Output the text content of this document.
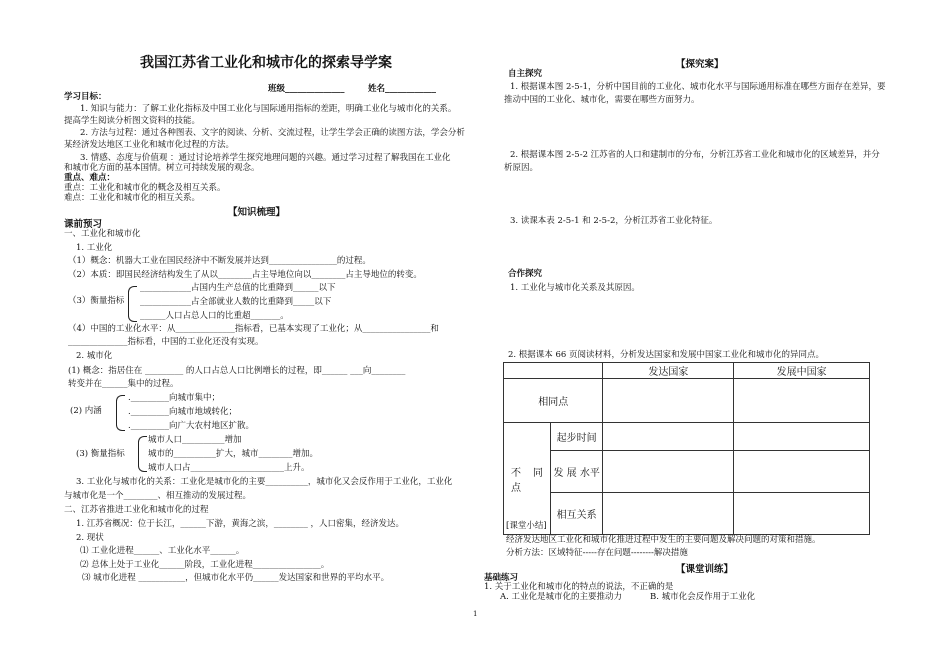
我国江苏省工业化和城市化的探索导学案
班级______________	姓名____________
学习目标：
1. 知识与能力：了解工业化指标及中国工业化与国际通用指标的差距，明确工业化与城市化的关系。
提高学生阅读分析图文资料的技能。
2. 方法与过程：通过各种图表、文字的阅读、分析、交流过程，让学生学会正确的读图方法，学会分析
某经济发达地区工业化和城市化过程的方法。
3. 情感、态度与价值观 ：通过讨论培养学生探究地理问题的兴趣。通过学习过程了解我国在工业化
和城市化方面的基本国情。树立可持续发展的观念。
重点、难点：
重点：工业化和城市化的概念及相互关系。
难点：工业化和城市化的相互关系。
【知识梳理】
课前预习
一、工业化和城市化
1. 工业化
（1）概念：机器大工业在国民经济中不断发展并达到________________的过程。
（2）本质：即国民经济结构发生了从以________占主导地位向以________占主导地位的转变。
（3）衡量指标
____________占国内生产总值的比重降到______以下
____________占全部就业人数的比重降到_____以下
______人口占总人口的比重超_______。
（4）中国的工业化水平：从______________指标看，已基本实现了工业化；从________________和
______________指标看，中国的工业化还没有实现。
2. 城市化
(1) 概念：指居住在 _________ 的人口占总人口比例增长的过程，即______ ___向________
转变并在______集中的过程。
(2) 内涵
._________向城市集中；
._________向城市地域转化；
._________向广大农村地区扩散。
(3) 衡量指标
城市人口__________增加
城市的__________扩大，城市________增加。
城市人口占______________________上升。
3. 工业化与城市化的关系：工业化是城市化的主要__________，城市化又会反作用于工业化，工业化
与城市化是一个________、相互推动的发展过程。
二、江苏省推进工业化和城市化的过程
1. 江苏省概况：位于长江，______下游，黄海之滨，________ ，人口密集，经济发达。
2. 现状
⑴ 工业化进程______、工业化水平______。
⑵ 总体上处于工业化______阶段，工业化进程________________。
⑶ 城市化进程 ___________，但城市化水平仍______发达国家和世界的平均水平。
【探究案】
自主探究
1. 根据课本图 2-5-1，分析中国目前的工业化、城市化水平与国际通用标准在哪些方面存在差异，要
推动中国的工业化、城市化，需要在哪些方面努力。
2. 根据课本图 2-5-2 江苏省的人口和建制市的分布，分析江苏省工业化和城市化的区域差异，并分
析原因。
3. 读课本表 2-5-1 和 2-5-2，分析江苏省工业化特征。
合作探究
1. 工业化与城市化关系及其原因。
2. 根据课本 66 页阅读材料，分析发达国家和发展中国家工业化和城市化的异同点。
		发达国家	发展中国家
相同点			

不 同
点	起步时间		
	发 展 水平		
	相互关系		
[课堂小结]
经济发达地区工业化和城市化推进过程中发生的主要问题及解决问题的对策和措施。
分析方法：区域特征-----存在问题--------解决措施
【课堂训练】
基础练习
1. 关于工业化和城市化的特点的说法，不正确的是
A. 工业化是城市化的主要推动力	B. 城市化会反作用于工业化
1
